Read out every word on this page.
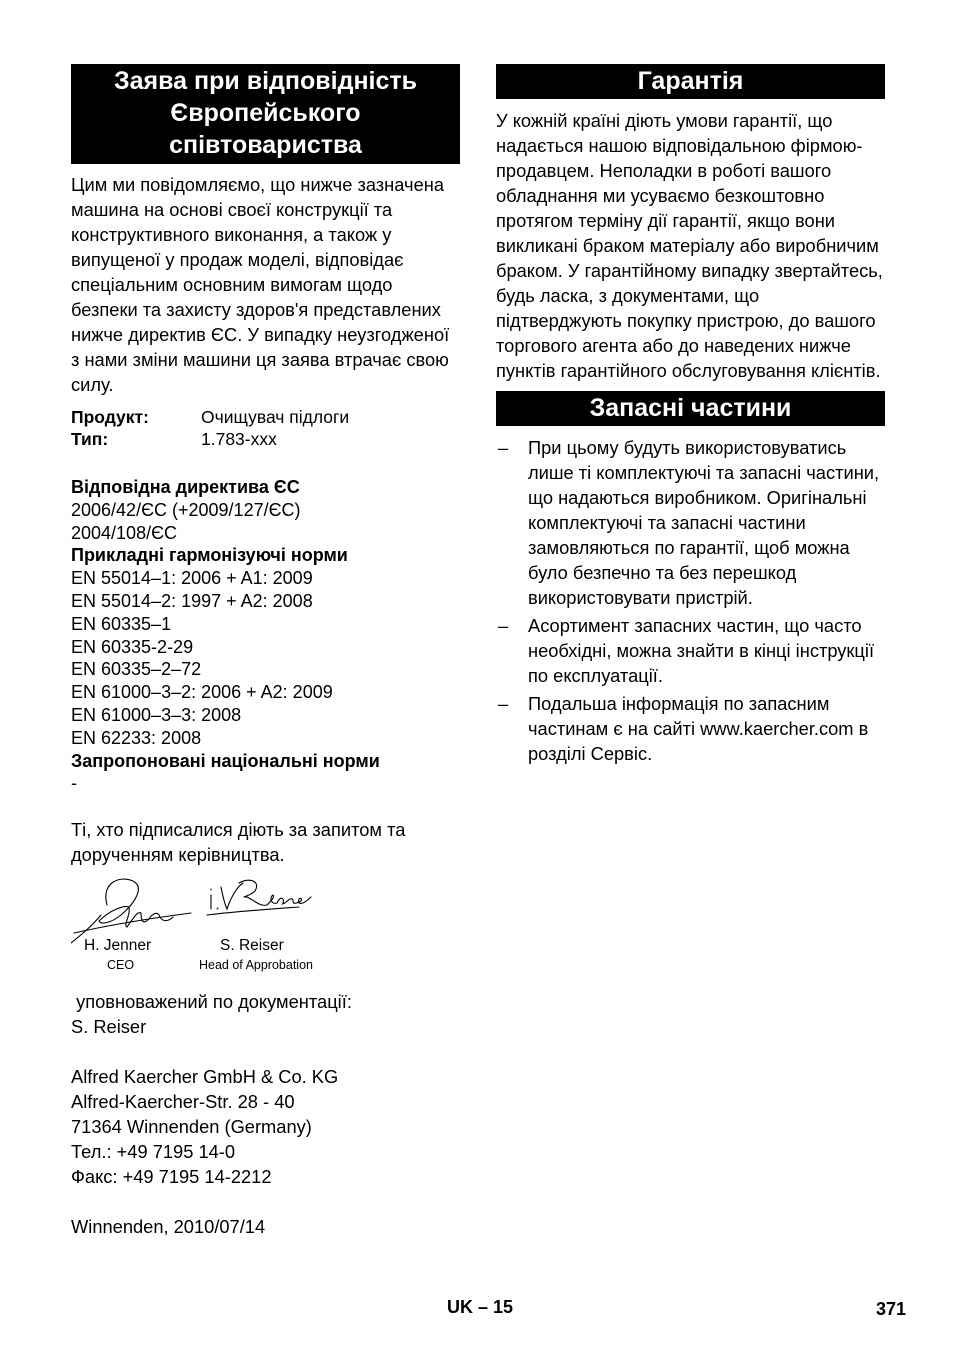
Заява при відповідність Європейського співтовариства

Цим ми повідомляємо, що нижче зазначена машина на основі своєї конструкції та конструктивного виконання, а також у випущеної у продаж моделі, відповідає спеціальним основним вимогам щодо безпеки та захисту здоров'я представлених нижче директив ЄС. У випадку неузгодженої з нами зміни машини ця заява втрачає свою силу.

Продукт:	Очищувач підлоги
Тип:	1.783-xxx
Відповідна директива ЄС
2006/42/ЄС (+2009/127/ЄС)
2004/108/ЄС
Прикладні гармонізуючі норми
EN 55014–1: 2006 + A1: 2009
EN 55014–2: 1997 + A2: 2008
EN 60335–1
EN 60335-2-29
EN 60335–2–72
EN 61000–3–2: 2006 + A2: 2009
EN 61000–3–3: 2008
EN 62233: 2008
Запропоновані національні норми
-

Ті, хто підписалися діють за запитом та дорученням керівництва.

H. Jenner
CEO
S. Reiser
Head of Approbation
уповноважений по документації:
S. Reiser
Alfred Kaercher GmbH & Co. KG
Alfred-Kaercher-Str. 28 - 40
71364 Winnenden (Germany)
Тел.: +49 7195 14-0
Факс: +49 7195 14-2212
Winnenden, 2010/07/14
Гарантія

У кожній країні діють умови гарантії, що надається нашою відповідальною фірмою-продавцем. Неполадки в роботі вашого обладнання ми усуваємо безкоштовно протягом терміну дії гарантії, якщо вони викликані браком матеріалу або виробничим браком. У гарантійному випадку звертайтесь, будь ласка, з документами, що підтверджують покупку пристрою, до вашого торгового агента або до наведених нижче пунктів гарантійного обслуговування клієнтів.

Запасні частини
–	При цьому будуть використовуватись лише ті комплектуючі та запасні частини, що надаються виробником. Оригінальні комплектуючі та запасні частини замовляються по гарантії, щоб можна було безпечно та без перешкод використовувати пристрій.
–	Асортимент запасних частин, що часто необхідні, можна знайти в кінці інструкції по експлуатації.
–	Подальша інформація по запасним частинам є на сайті www.kaercher.com в розділі Сервіс.
UK – 15	371
